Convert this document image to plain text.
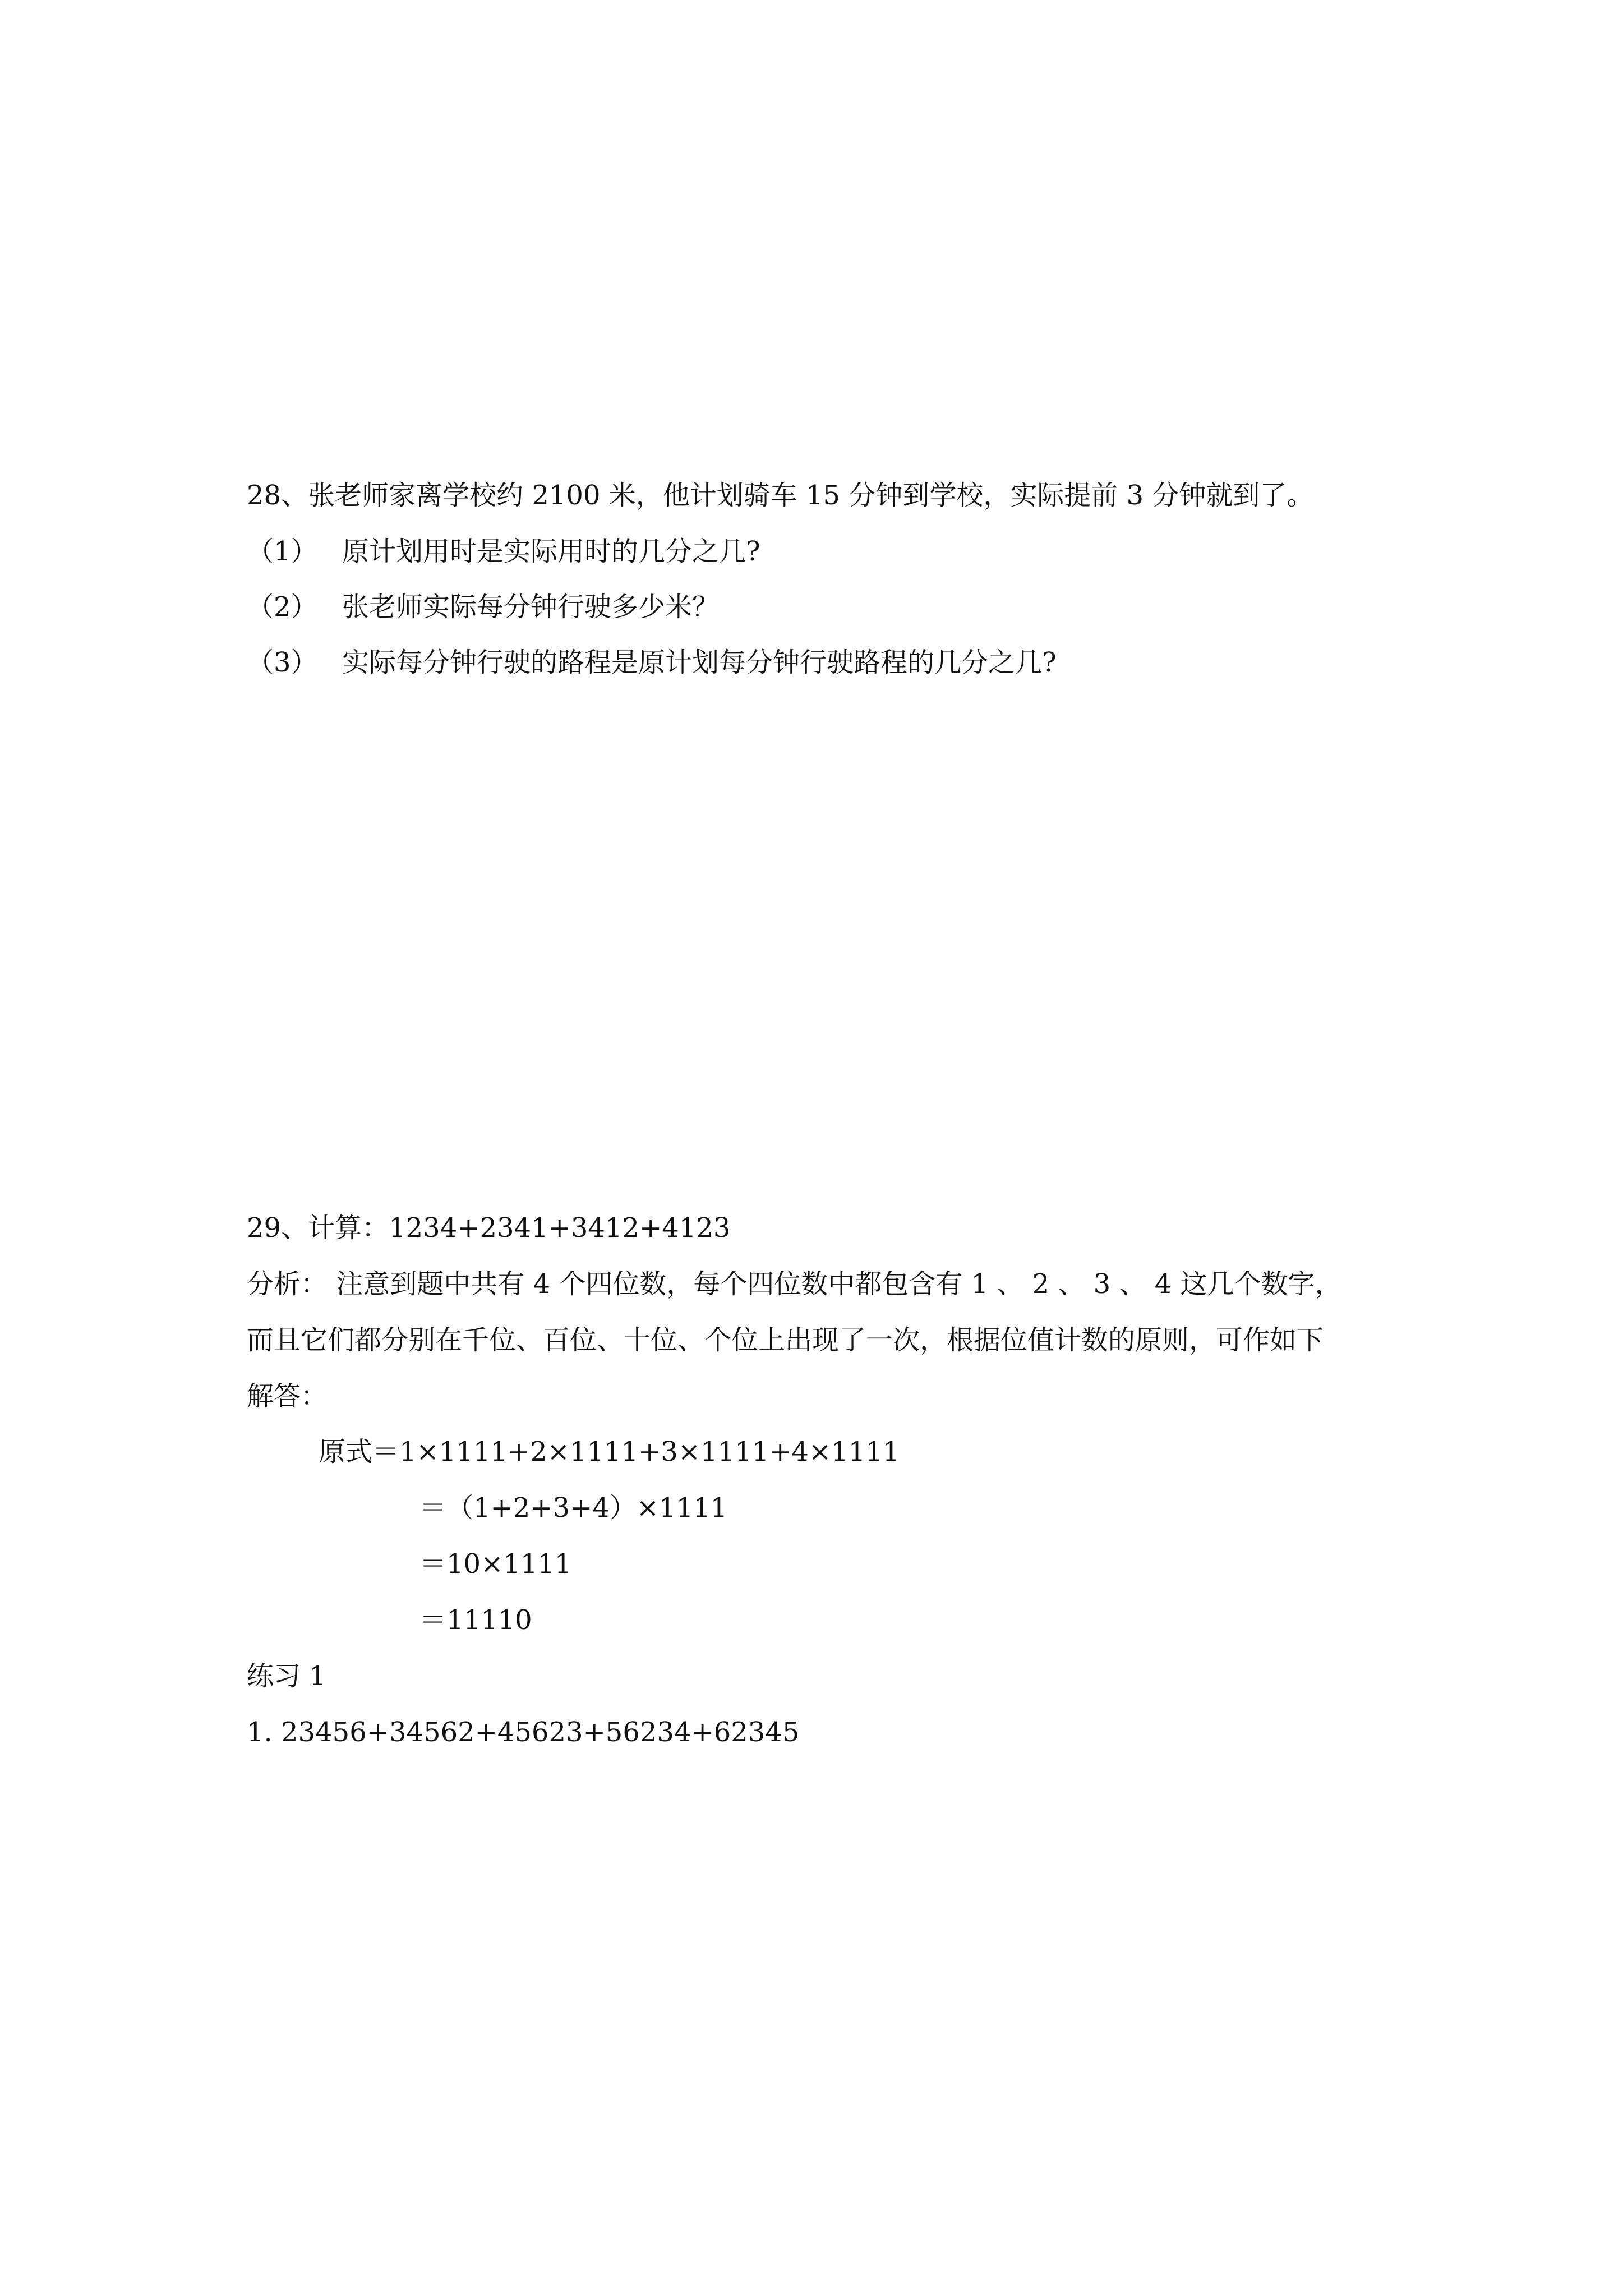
28、张老师家离学校约 2100 米，他计划骑车 15 分钟到学校，实际提前 3 分钟就到了。
（1） 原计划用时是实际用时的几分之几?
（2） 张老师实际每分钟行驶多少米？
（3） 实际每分钟行驶的路程是原计划每分钟行驶路程的几分之几?
29、计算：1234+2341+3412+4123
分析： 注意到题中共有 4 个四位数，每个四位数中都包含有 1 、 2 、 3 、 4 这几个数字，
而且它们都分别在千位、百位、十位、个位上出现了一次，根据位值计数的原则，可作如下
解答：
原式＝1×1111+2×1111+3×1111+4×1111
＝（1+2+3+4）×1111
＝10×1111
＝11110
练习 1
1. 23456+34562+45623+56234+62345
